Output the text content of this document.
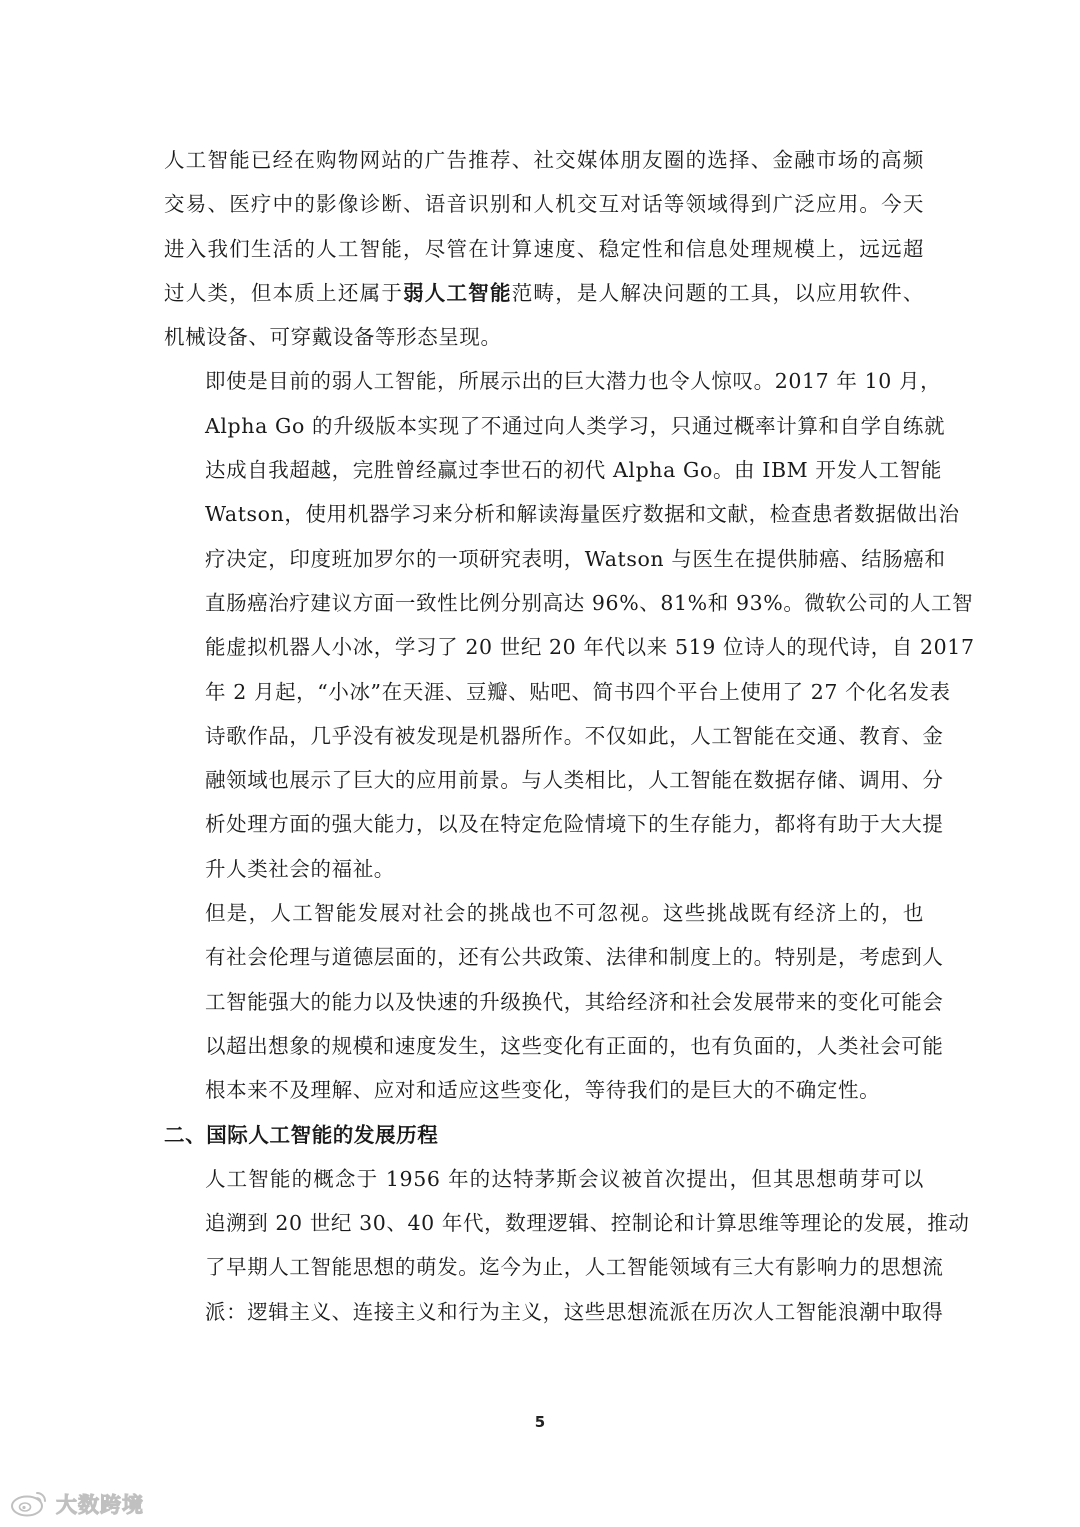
人工智能已经在购物网站的广告推荐、社交媒体朋友圈的选择、金融市场的高频
交易、医疗中的影像诊断、语音识别和人机交互对话等领域得到广泛应用。今天
进入我们生活的人工智能，尽管在计算速度、稳定性和信息处理规模上，远远超
过人类，但本质上还属于弱人工智能范畴，是人解决问题的工具，以应用软件、
机械设备、可穿戴设备等形态呈现。

即使是目前的弱人工智能，所展示出的巨大潜力也令人惊叹。2017 年 10 月，
Alpha Go 的升级版本实现了不通过向人类学习，只通过概率计算和自学自练就
达成自我超越，完胜曾经赢过李世石的初代 Alpha Go。由 IBM 开发人工智能
Watson，使用机器学习来分析和解读海量医疗数据和文献，检查患者数据做出治
疗决定，印度班加罗尔的一项研究表明，Watson 与医生在提供肺癌、结肠癌和
直肠癌治疗建议方面一致性比例分别高达 96%、81%和 93%。微软公司的人工智
能虚拟机器人小冰，学习了 20 世纪 20 年代以来 519 位诗人的现代诗，自 2017
年 2 月起，“小冰”在天涯、豆瓣、贴吧、简书四个平台上使用了 27 个化名发表
诗歌作品，几乎没有被发现是机器所作。不仅如此，人工智能在交通、教育、金
融领域也展示了巨大的应用前景。与人类相比，人工智能在数据存储、调用、分
析处理方面的强大能力，以及在特定危险情境下的生存能力，都将有助于大大提
升人类社会的福祉。

但是，人工智能发展对社会的挑战也不可忽视。这些挑战既有经济上的，也
有社会伦理与道德层面的，还有公共政策、法律和制度上的。特别是，考虑到人
工智能强大的能力以及快速的升级换代，其给经济和社会发展带来的变化可能会
以超出想象的规模和速度发生，这些变化有正面的，也有负面的，人类社会可能
根本来不及理解、应对和适应这些变化，等待我们的是巨大的不确定性。

二、国际人工智能的发展历程

人工智能的概念于 1956 年的达特茅斯会议被首次提出，但其思想萌芽可以
追溯到 20 世纪 30、40 年代，数理逻辑、控制论和计算思维等理论的发展，推动
了早期人工智能思想的萌发。迄今为止，人工智能领域有三大有影响力的思想流
派：逻辑主义、连接主义和行为主义，这些思想流派在历次人工智能浪潮中取得

5
大数跨境
